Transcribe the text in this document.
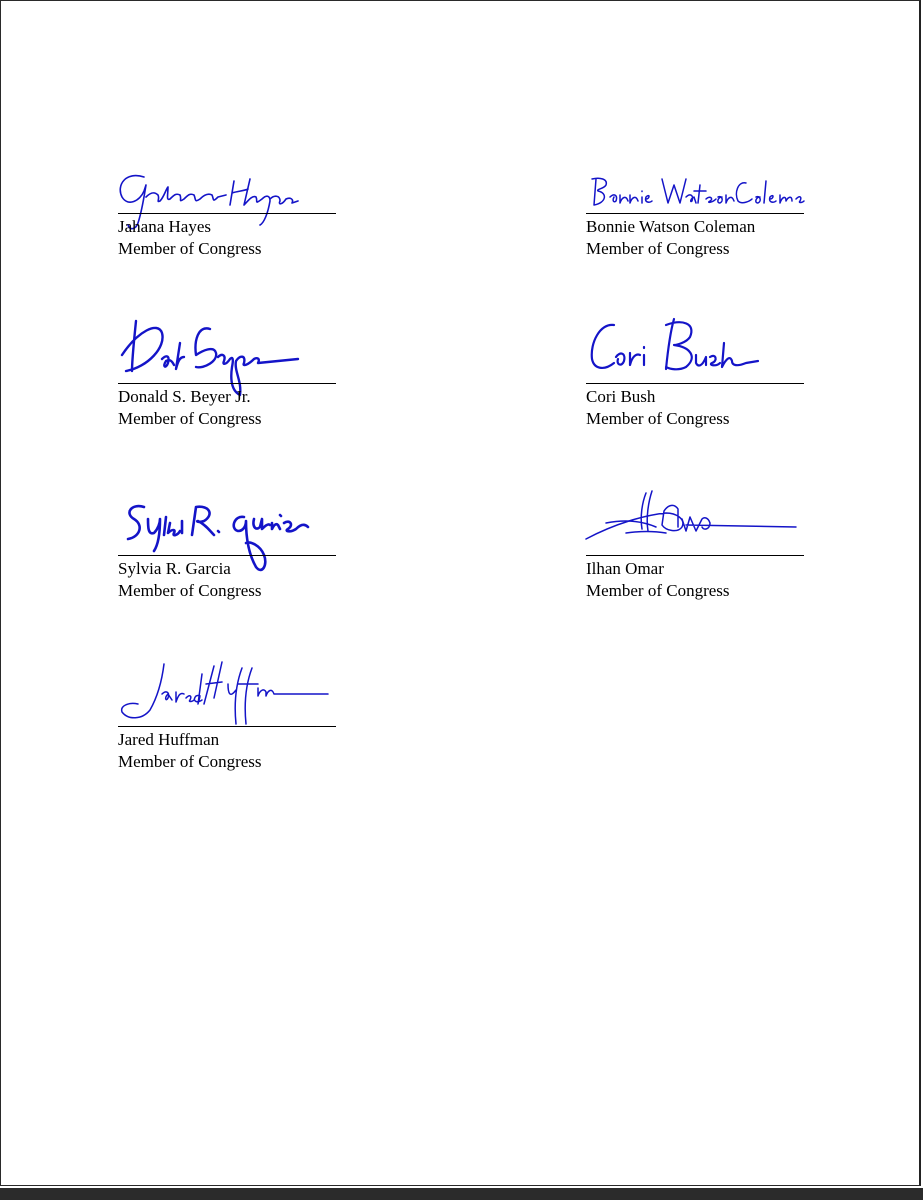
Jahana Hayes
Member of Congress
Bonnie Watson Coleman
Member of Congress
Donald S. Beyer Jr.
Member of Congress
Cori Bush
Member of Congress
Sylvia R. Garcia
Member of Congress
Ilhan Omar
Member of Congress
Jared Huffman
Member of Congress
